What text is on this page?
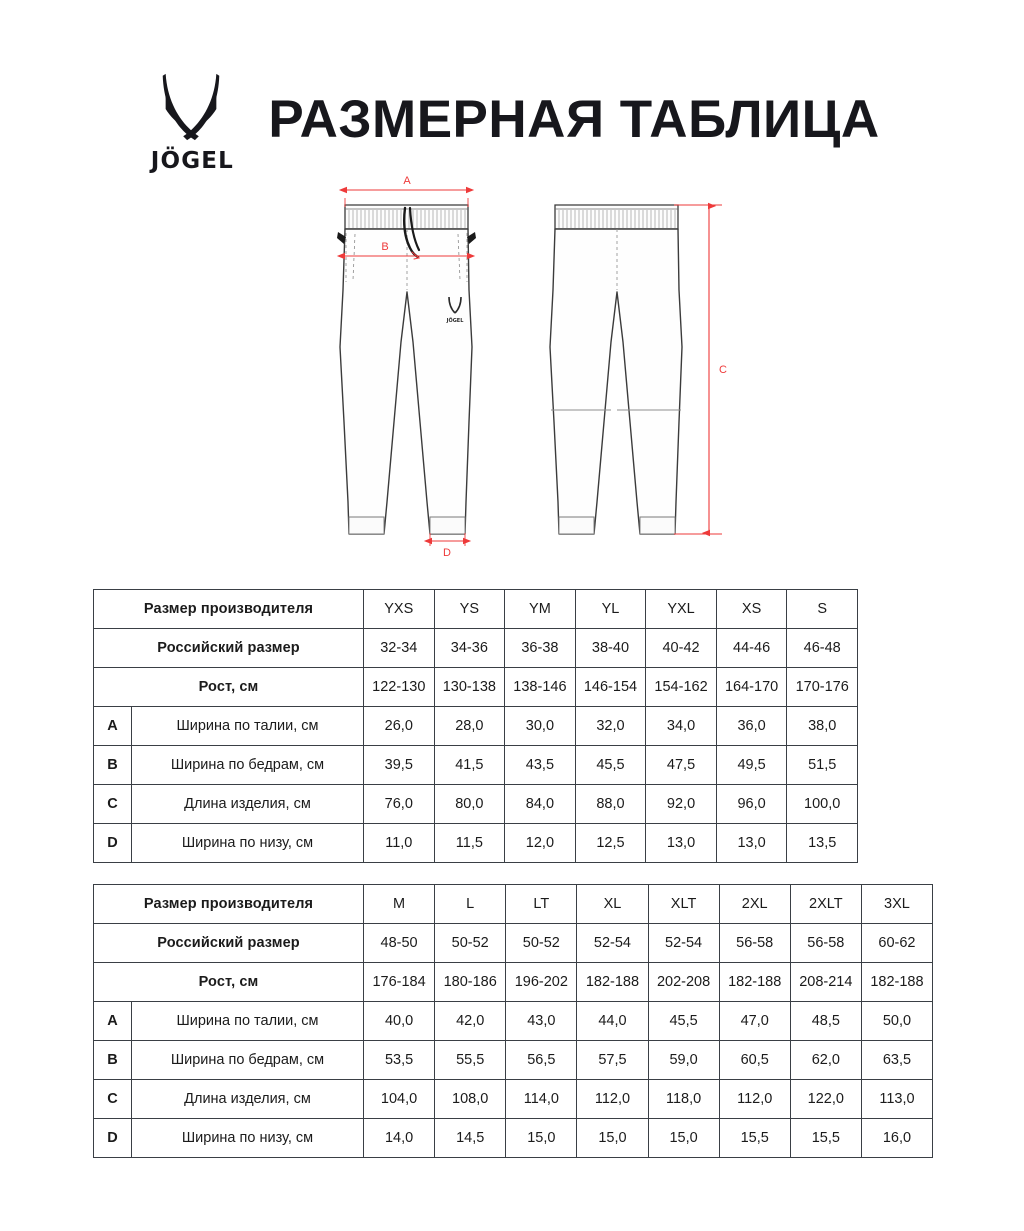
JÖGEL
РАЗМЕРНАЯ ТАБЛИЦА
JÖGEL
A
B
D
C
Размер производителя		YXS	YS	YM	YL	YXL	XS	S
Российский размер		32-34	34-36	36-38	38-40	40-42	44-46	46-48
Рост, см		122-130	130-138	138-146	146-154	154-162	164-170	170-176
A	Ширина по талии, см	26,0	28,0	30,0	32,0	34,0	36,0	38,0
B	Ширина по бедрам, см	39,5	41,5	43,5	45,5	47,5	49,5	51,5
C	Длина изделия, см	76,0	80,0	84,0	88,0	92,0	96,0	100,0
D	Ширина по низу, см	11,0	11,5	12,0	12,5	13,0	13,0	13,5
Размер производителя		M	L	LT	XL	XLT	2XL	2XLT	3XL
Российский размер		48-50	50-52	50-52	52-54	52-54	56-58	56-58	60-62
Рост, см		176-184	180-186	196-202	182-188	202-208	182-188	208-214	182-188
A	Ширина по талии, см	40,0	42,0	43,0	44,0	45,5	47,0	48,5	50,0
B	Ширина по бедрам, см	53,5	55,5	56,5	57,5	59,0	60,5	62,0	63,5
C	Длина изделия, см	104,0	108,0	114,0	112,0	118,0	112,0	122,0	113,0
D	Ширина по низу, см	14,0	14,5	15,0	15,0	15,0	15,5	15,5	16,0
